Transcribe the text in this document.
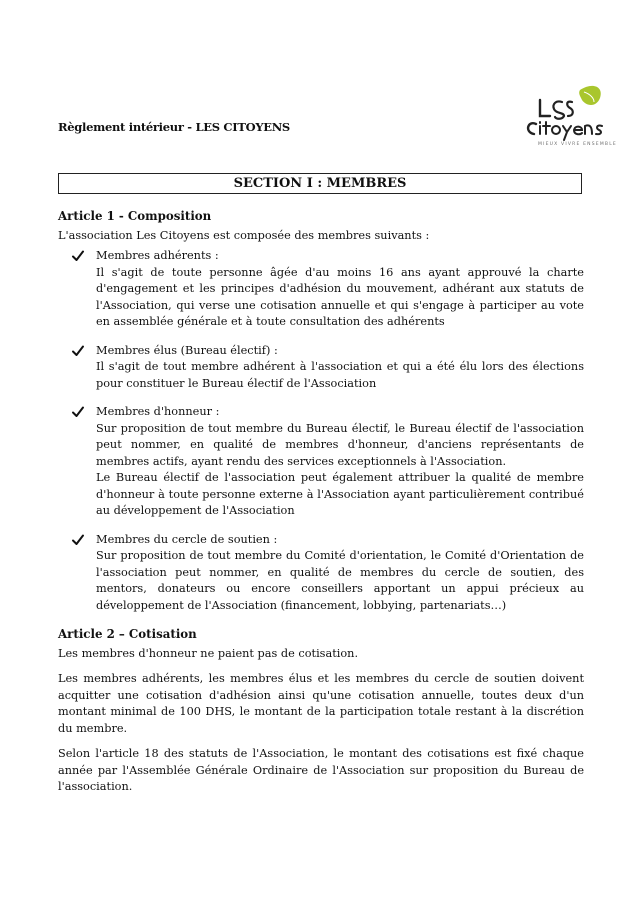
Règlement intérieur - LES CITOYENS
MIEUX VIVRE ENSEMBLE
SECTION I : MEMBRES
Article 1 - Composition
L'association Les Citoyens est composée des membres suivants :
Membres adhérents :
Il s'agit de toute personne âgée d'au moins 16 ans ayant approuvé la charte d'engagement et les principes d'adhésion du mouvement, adhérant aux statuts de l'Association, qui verse une cotisation annuelle et qui s'engage à participer au vote en assemblée générale et à toute consultation des adhérents
Membres élus (Bureau électif) :
Il s'agit de tout membre adhérent à l'association et qui a été élu lors des élections pour constituer le Bureau électif de l'Association
Membres d'honneur :
Sur proposition de tout membre du Bureau électif, le Bureau électif de l'association peut nommer, en qualité de membres d'honneur, d'anciens représentants de membres actifs, ayant rendu des services exceptionnels à l'Association.
Le Bureau électif de l'association peut également attribuer la qualité de membre d'honneur à toute personne externe à l'Association ayant particulièrement contribué au développement de l'Association
Membres du cercle de soutien :
Sur proposition de tout membre du Comité d'orientation, le Comité d'Orientation de l'association peut nommer, en qualité de membres du cercle de soutien, des mentors, donateurs ou encore conseillers apportant un appui précieux au développement de l'Association (financement, lobbying, partenariats…)
Article 2 – Cotisation
Les membres d'honneur ne paient pas de cotisation.
Les membres adhérents, les membres élus et les membres du cercle de soutien doivent acquitter une cotisation d'adhésion ainsi qu'une cotisation annuelle, toutes deux d'un montant minimal de 100 DHS, le montant de la participation totale restant à la discrétion du membre.
Selon l'article 18 des statuts de l'Association, le montant des cotisations est fixé chaque année par l'Assemblée Générale Ordinaire de l'Association sur proposition du Bureau de l'association.
